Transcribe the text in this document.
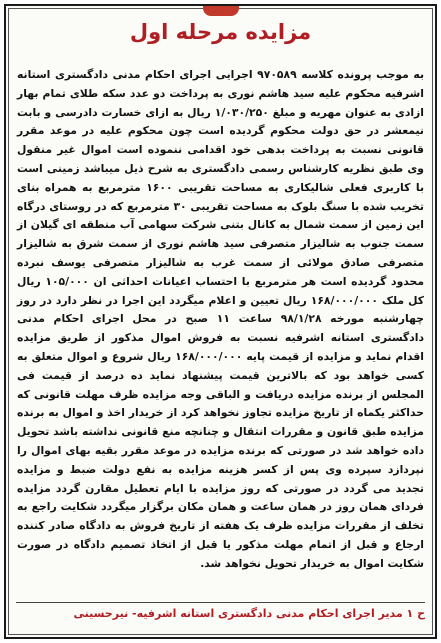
مزایده مرحله اول

به موجب پرونده کلاسه ۹۷۰۵۸۹ اجرایی اجرای احکام مدنی دادگستری استانه اشرفیه محکوم علیه سید هاشم نوری به پرداخت دو عدد سکه طلای تمام بهار ازادی به عنوان مهریه و مبلغ ۱/۰۳۰/۲۵۰ ریال به ازای خسارت دادرسی و بابت نیمعشر در حق دولت محکوم گردیده است چون محکوم علیه در موعد مقرر قانونی نسبت به پرداخت بدهی خود اقدامی ننموده است اموال غیر منقول وی طبق نظریه کارشناس رسمی دادگستری به شرح ذیل میباشد زمینی است با کاربری فعلی شالیکاری به مساحت تقریبی ۱۶۰۰ مترمربع به همراه بنای تخریب شده با سنگ بلوک به مساحت تقریبی ۳۰ مترمربع که در روستای درگاه این زمین از سمت شمال به کانال بتنی شرکت سهامی آب منطقه ای گیلان از سمت جنوب به شالیزار متصرفی سید هاشم نوری از سمت شرق به شالیزار متصرفی صادق مولائی از سمت غرب به شالیزار متصرفی یوسف نبرده محدود گردیده است هر مترمربع با احتساب اعیانات احداثی ان ۱۰۵/۰۰۰ ریال کل ملک ۱۶۸/۰۰۰/۰۰۰ ریال تعیین و اعلام میگردد این اجرا در نظر دارد در روز چهارشنبه مورخه ۹۸/۱/۲۸ ساعت ۱۱ صبح در محل اجرای احکام مدنی دادگستری استانه اشرفیه نسبت به فروش اموال مذکور از طریق مزایده اقدام نماید و مزایده از قیمت پایه ۱۶۸/۰۰۰/۰۰۰ ریال شروع و اموال متعلق به کسی خواهد بود که بالاترین قیمت پیشنهاد نماید ده درصد از قیمت فی المجلس از برنده مزایده دریافت و الباقی وجه مزایده ظرف مهلت قانونی که حداکثر یکماه از تاریخ مزایده تجاوز نخواهد کرد از خریدار اخذ و اموال به برنده مزایده طبق قانون و مقررات انتقال و چنانچه منع قانونی نداشته باشد تحویل داده خواهد شد در صورتی که برنده مزایده در موعد مقرر بقیه بهای اموال را نپردازد سپرده وی پس از کسر هزینه مزایده به نفع دولت ضبط و مزایده تجدید می گردد در صورتی که روز مزایده با ایام تعطیل مقارن گردد مزایده فردای همان روز در همان ساعت و همان مکان برگزار میگردد شکایت راجع به تخلف از مقررات مزایده ظرف یک هفته از تاریخ فروش به دادگاه صادر کننده ارجاع و قبل از اتمام مهلت مذکور یا قبل از اتخاذ تصمیم دادگاه در صورت شکایت اموال به خریدار تحویل نخواهد شد.

ح ۱ مدیر اجرای احکام مدنی دادگستری استانه اشرفیه- نیرحسینی
